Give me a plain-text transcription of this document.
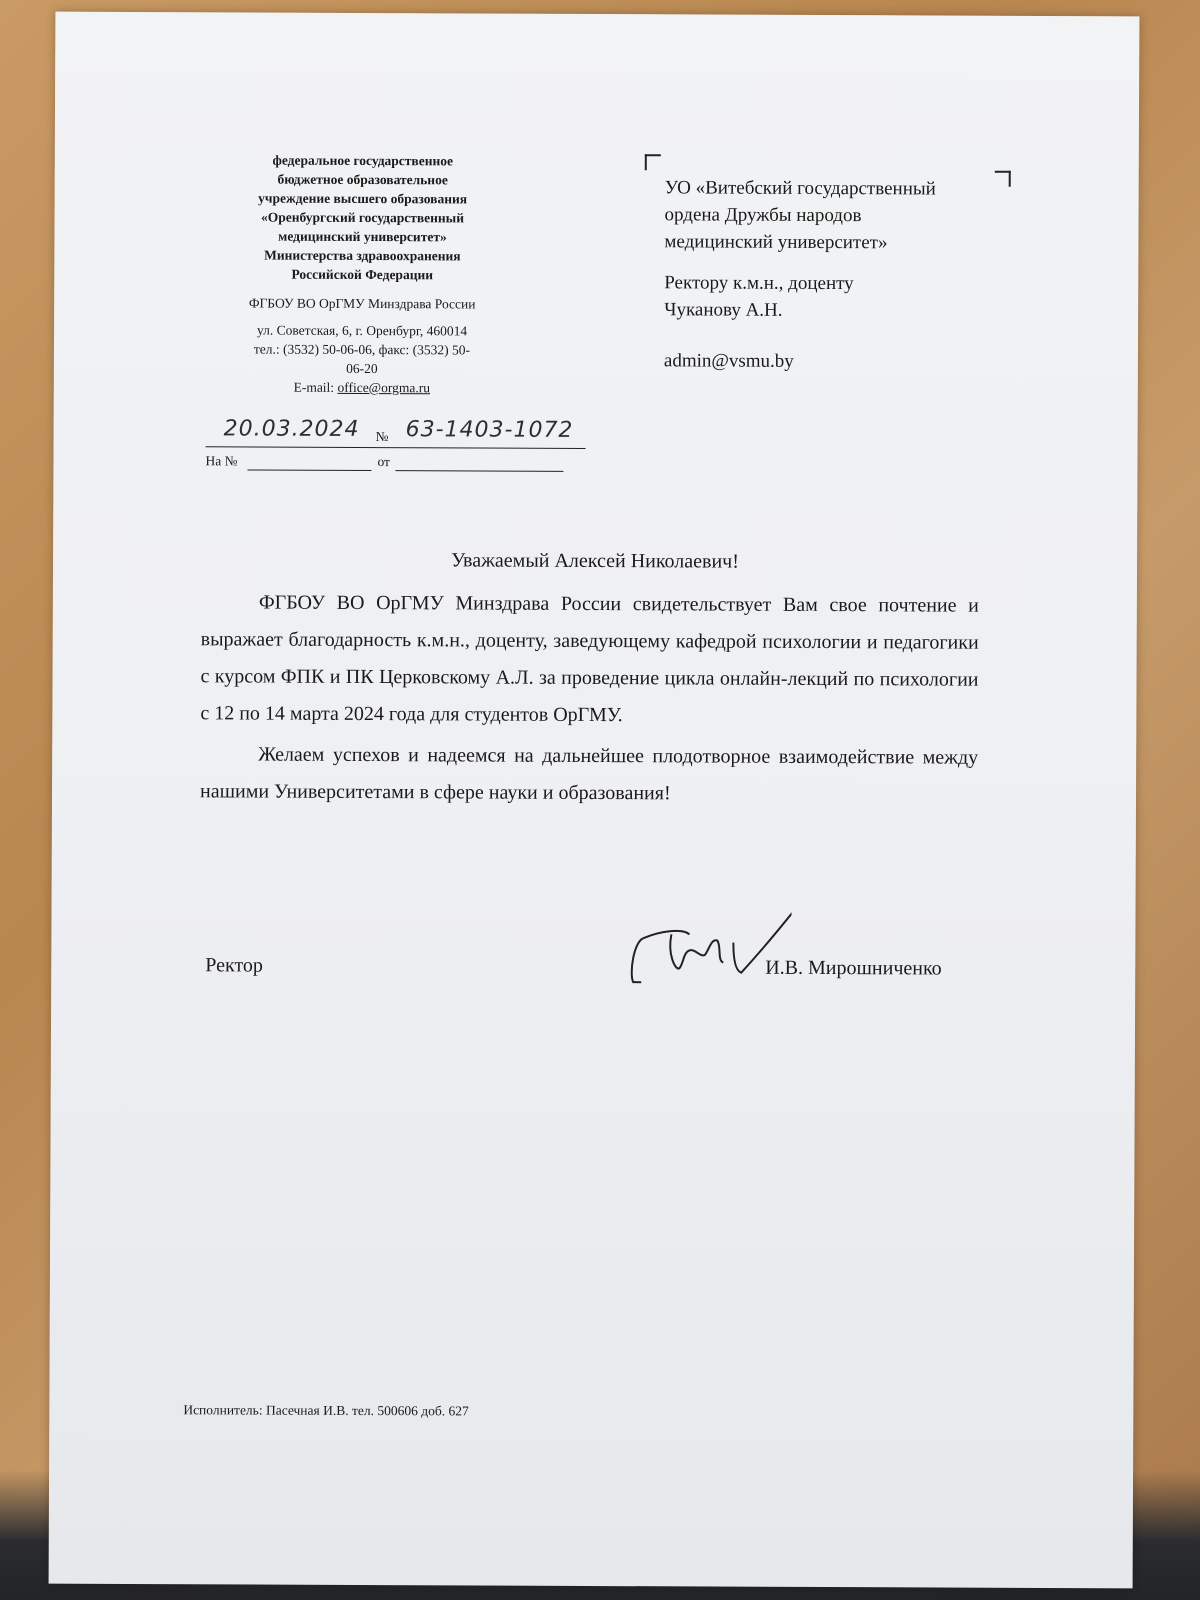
федеральное государственное
бюджетное образовательное
учреждение высшего образования
«Оренбургский государственный
медицинский университет»
Министерства здравоохранения
Российской Федерации
ФГБОУ ВО ОрГМУ Минздрава России
ул. Советская, 6, г. Оренбург, 460014
тел.: (3532) 50-06-06, факс: (3532) 50-
06-20
E-mail: office@orgma.ru
УО «Витебский государственный
ордена Дружбы народов
медицинский университет»
Ректору к.м.н., доценту
Чуканову А.Н.
admin@vsmu.by
20.03.2024 № 63-1403-1072
На №	от
Уважаемый Алексей Николаевич!

ФГБОУ ВО ОрГМУ Минздрава России свидетельствует Вам свое почтение и выражает благодарность к.м.н., доценту, заведующему кафедрой психологии и педагогики с курсом ФПК и ПК Церковскому А.Л. за проведение цикла онлайн-лекций по психологии с 12 по 14 марта 2024 года для студентов ОрГМУ.

Желаем успехов и надеемся на дальнейшее плодотворное взаимодействие между нашими Университетами в сфере науки и образования!

Ректор	И.В. Мирошниченко
Исполнитель: Пасечная И.В. тел. 500606 доб. 627
